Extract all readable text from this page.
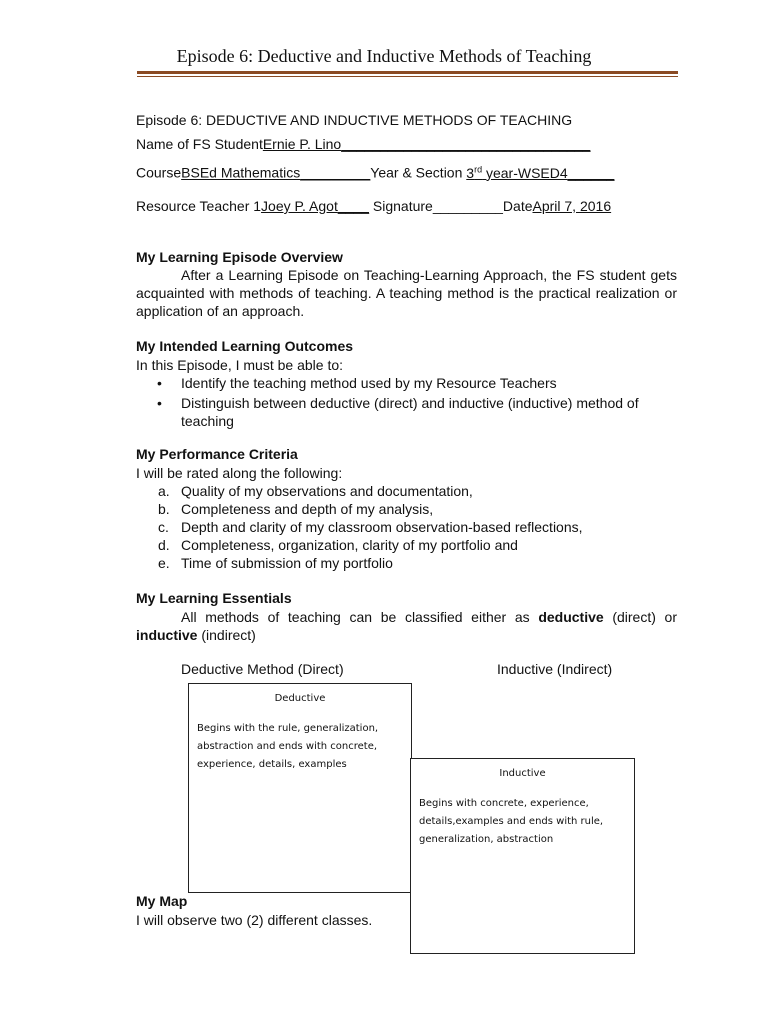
Episode 6: Deductive and Inductive Methods of Teaching
Episode 6: DEDUCTIVE AND INDUCTIVE METHODS OF TEACHING
Name of FS StudentErnie P. Lino________________________________
CourseBSEd Mathematics_________Year & Section 3rd year-WSED4______
Resource Teacher 1Joey P. Agot____ Signature_________DateApril 7, 2016
My Learning Episode Overview
After a Learning Episode on Teaching-Learning Approach, the FS student gets acquainted with methods of teaching. A teaching method is the practical realization or application of an approach.
My Intended Learning Outcomes
In this Episode, I must be able to:
• Identify the teaching method used by my Resource Teachers
• Distinguish between deductive (direct) and inductive (inductive) method of teaching
My Performance Criteria
I will be rated along the following:
a. Quality of my observations and documentation,
b. Completeness and depth of my analysis,
c. Depth and clarity of my classroom observation-based reflections,
d. Completeness, organization, clarity of my portfolio and
e. Time of submission of my portfolio
My Learning Essentials
All methods of teaching can be classified either as deductive (direct) or inductive (indirect)
Deductive Method (Direct)	Inductive (Indirect)
Deductive
Begins with the rule, generalization, abstraction and ends with concrete, experience, details, examples
My Map
I will observe two (2) different classes.
Inductive
Begins with concrete, experience, details,examples and ends with rule, generalization, abstraction
